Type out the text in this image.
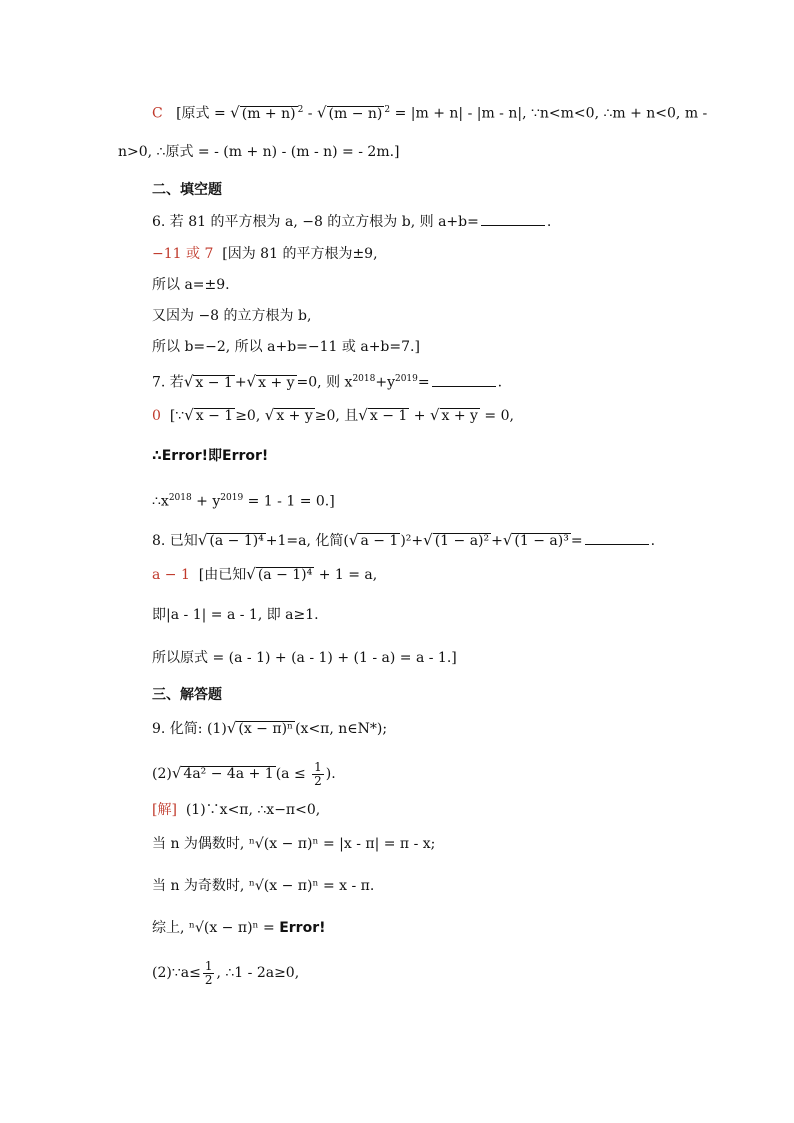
C [原式 = √ (m + n) $^2$ - √ (m − n) $^2$ = |m + n| - |m - n|, ∵n<m<0, ∴m + n<0, m -
n>0, ∴原式 = - (m + n) - (m - n) = - 2m.]
二、填空题
6. 若 81 的平方根为 a, −8 的立方根为 b, 则 a+b=	.
−11 或 7 [因为 81 的平方根为±9,
所以 a=±9.
又因为 −8 的立方根为 b,
所以 b=−2, 所以 a+b=−11 或 a+b=7.]
7. 若√ x − 1 +√ x + y =0, 则 $x^{2018}+y^{2019}=$	.
0 [∵√ x − 1 ≥0, √ x + y ≥0, 且√ x − 1 + √ x + y = 0,
∴Error!即Error!
$\therefore x^{2018} + y^{2019} = 1 - 1 = 0$.]
8. 已知√ (a − 1)⁴ +1=a, 化简(√ a − 1 )²+√ (1 − a)² +√ (1 − a)³ =	.
a − 1 [由已知√ (a − 1)⁴ + 1 = a,
即|a - 1| = a - 1, 即 a≥1.
所以原式 = (a - 1) + (a - 1) + (1 - a) = a - 1.]
三、解答题
9. 化简: (1)√ (x − π)ⁿ (x<π, n∈N*);
(2)√ 4a² − 4a + 1 ($a \le \frac{1}{2}$ ).
[解] (1)∵x<π, ∴x−π<0,
当 n 为偶数时, ⁿ√(x − π)ⁿ = |x - π| = π - x;
当 n 为奇数时, ⁿ√(x − π)ⁿ = x - π.
综上, ⁿ√(x − π)ⁿ = Error!
(2)∵a≤ $\frac{1}{2}$ , ∴1 - 2a≥0,
